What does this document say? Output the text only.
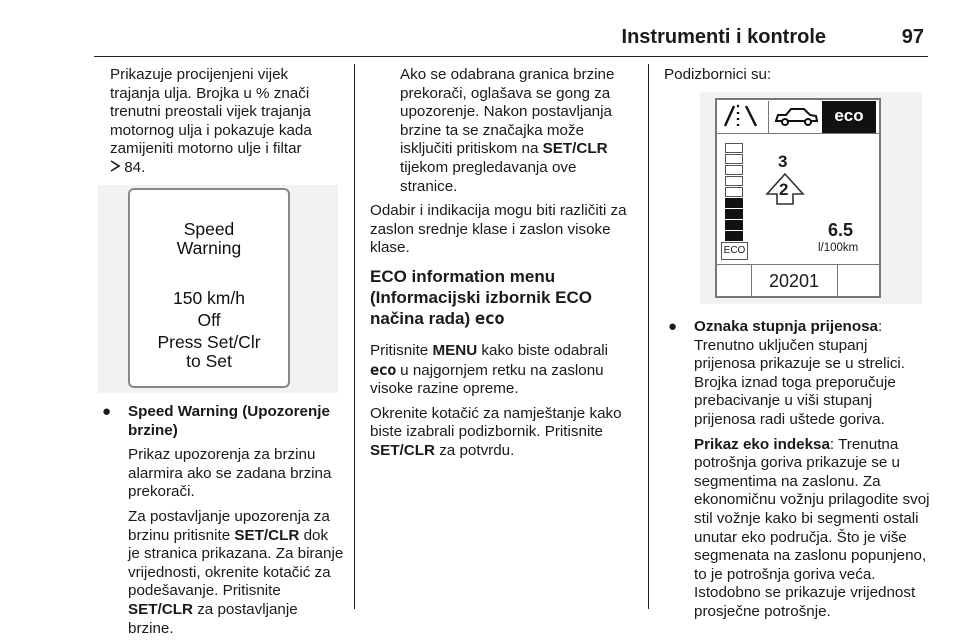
Instrumenti i kontrole	97
Prikazuje procijenjeni vijek
trajanja ulja. Brojka u % znači
trenutni preostali vijek trajanja
motornog ulja i pokazuje kada
zamijeniti motorno ulje i filtar
84.
Speed
Warning
150 km/h
Off
Press Set/Clr
to Set
● Speed Warning (Upozorenje brzine)

Prikaz upozorenja za brzinu alarmira ako se zadana brzina prekorači.

Za postavljanje upozorenja za brzinu pritisnite SET/CLR dok je stranica prikazana. Za biranje vrijednosti, okrenite kotačić za podešavanje. Pritisnite SET/CLR za postavljanje brzine.

Ako se odabrana granica brzine prekorači, oglašava se gong za upozorenje. Nakon postavljanja brzine ta se značajka može isključiti pritiskom na SET/CLR tijekom pregledavanja ove stranice.

Odabir i indikacija mogu biti različiti za zaslon srednje klase i zaslon visoke klase.

ECO information menu (Informacijski izbornik ECO načina rada) eco

Pritisnite MENU kako biste odabrali eco u najgornjem retku na zaslonu visoke razine opreme.

Okrenite kotačić za namještanje kako biste izabrali podizbornik. Pritisnite SET/CLR za potvrdu.

Podizbornici su:

eco
ECO
3
2
6.5
l/100km
20201
● Oznaka stupnja prijenosa: Trenutno uključen stupanj prijenosa prikazuje se u strelici. Brojka iznad toga preporučuje prebacivanje u viši stupanj prijenosa radi uštede goriva.

Prikaz eko indeksa: Trenutna potrošnja goriva prikazuje se u segmentima na zaslonu. Za ekonomičnu vožnju prilagodite svoj stil vožnje kako bi segmenti ostali unutar eko područja. Što je više segmenata na zaslonu popunjeno, to je potrošnja goriva veća. Istodobno se prikazuje vrijednost prosječne potrošnje.
